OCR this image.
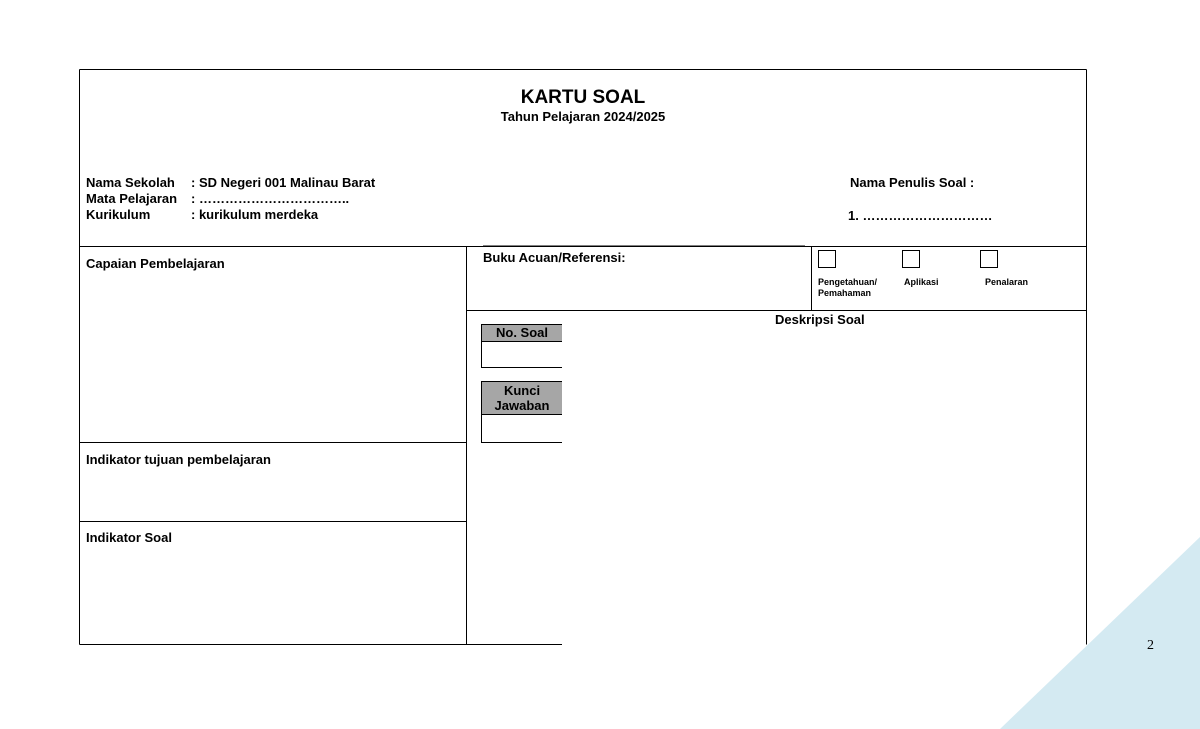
2
KARTU SOAL
Tahun Pelajaran 2024/2025
Nama Sekolah : SD Negeri 001 Malinau Barat
Mata Pelajaran : ……………………………..
Kurikulum	: kurikulum merdeka
Nama Penulis Soal :
1. …………………………
Capaian Pembelajaran
Indikator tujuan pembelajaran
Indikator Soal
Buku Acuan/Referensi:
Pengetahuan/
Pemahaman
Aplikasi	Penalaran
Deskripsi Soal
No. Soal
Kunci
Jawaban
